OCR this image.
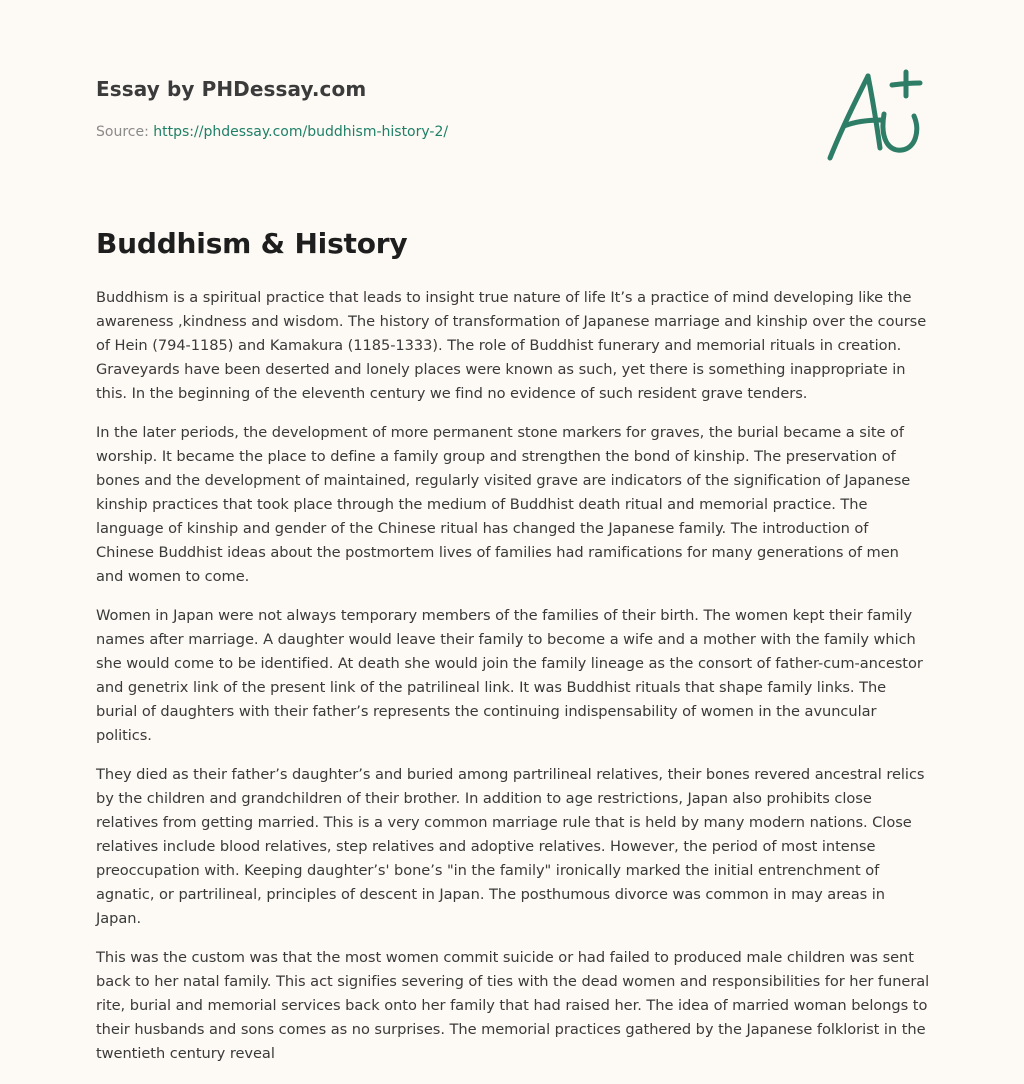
Essay by PHDessay.com
Source: https://phdessay.com/buddhism-history-2/
Buddhism & History

Buddhism is a spiritual practice that leads to insight true nature of life It’s a practice of mind developing like the awareness ,kindness and wisdom. The history of transformation of Japanese marriage and kinship over the course of Hein (794-1185) and Kamakura (1185-1333). The role of Buddhist funerary and memorial rituals in creation. Graveyards have been deserted and lonely places were known as such, yet there is something inappropriate in this. In the beginning of the eleventh century we find no evidence of such resident grave tenders.

In the later periods, the development of more permanent stone markers for graves, the burial became a site of worship. It became the place to define a family group and strengthen the bond of kinship. The preservation of bones and the development of maintained, regularly visited grave are indicators of the signification of Japanese kinship practices that took place through the medium of Buddhist death ritual and memorial practice. The language of kinship and gender of the Chinese ritual has changed the Japanese family. The introduction of Chinese Buddhist ideas about the postmortem lives of families had ramifications for many generations of men and women to come.

Women in Japan were not always temporary members of the families of their birth. The women kept their family names after marriage. A daughter would leave their family to become a wife and a mother with the family which she would come to be identified. At death she would join the family lineage as the consort of father-cum-ancestor and genetrix link of the present link of the patrilineal link. It was Buddhist rituals that shape family links. The burial of daughters with their father’s represents the continuing indispensability of women in the avuncular politics.

They died as their father’s daughter’s and buried among partrilineal relatives, their bones revered ancestral relics by the children and grandchildren of their brother. In addition to age restrictions, Japan also prohibits close relatives from getting married. This is a very common marriage rule that is held by many modern nations. Close relatives include blood relatives, step relatives and adoptive relatives. However, the period of most intense preoccupation with. Keeping daughter’s' bone’s "in the family" ironically marked the initial entrenchment of agnatic, or partrilineal, principles of descent in Japan. The posthumous divorce was common in may areas in Japan.

This was the custom was that the most women commit suicide or had failed to produced male children was sent back to her natal family. This act signifies severing of ties with the dead women and responsibilities for her funeral rite, burial and memorial services back onto her family that had raised her. The idea of married woman belongs to their husbands and sons comes as no surprises. The memorial practices gathered by the Japanese folklorist in the twentieth century reveal
